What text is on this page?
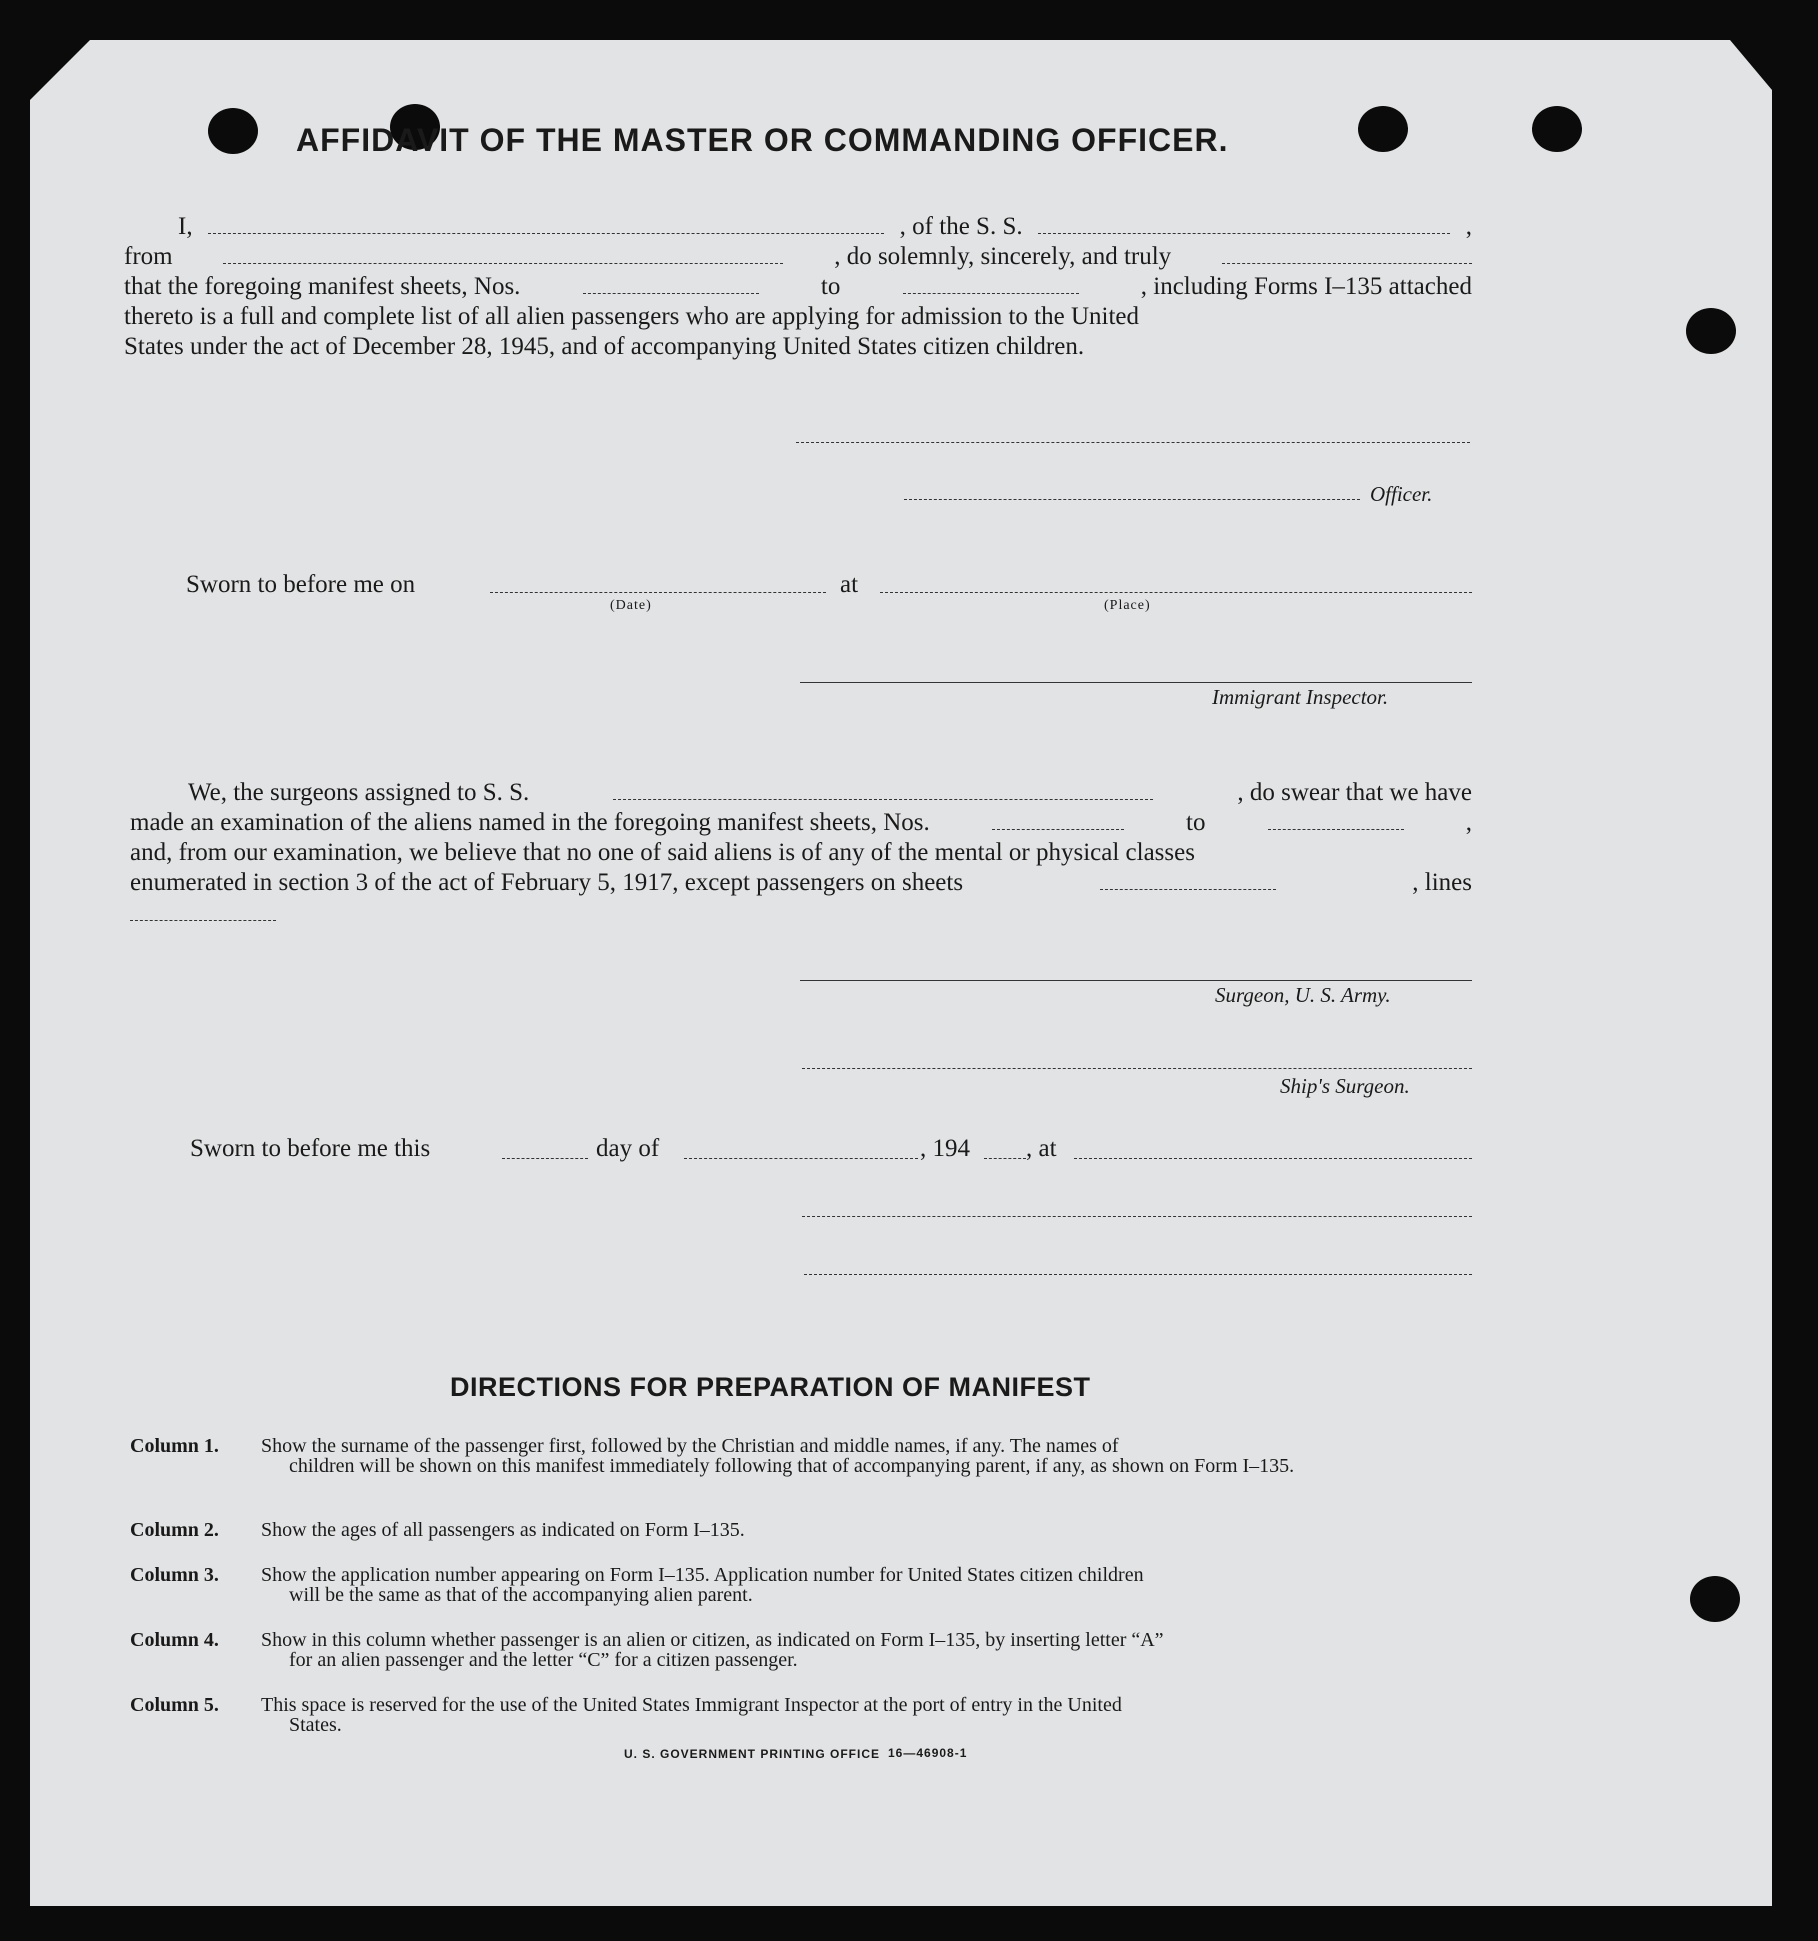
AFFIDAVIT OF THE MASTER OR COMMANDING OFFICER.
I,	, of the S. S.	,
from	, do solemnly, sincerely, and truly
that the foregoing manifest sheets, Nos.	to	, including Forms I–135 attached
thereto is a full and complete list of all alien passengers who are applying for admission to the United
States under the act of December 28, 1945, and of accompanying United States citizen children.
Officer.
Sworn to before me on	at
(Date)	(Place)
Immigrant Inspector.
We, the surgeons assigned to S. S.	, do swear that we have
made an examination of the aliens named in the foregoing manifest sheets, Nos.	to	,
and, from our examination, we believe that no one of said aliens is of any of the mental or physical classes
enumerated in section 3 of the act of February 5, 1917, except passengers on sheets	, lines
Surgeon, U. S. Army.
Ship's Surgeon.
Sworn to before me this	day of	, 194 , at
DIRECTIONS FOR PREPARATION OF MANIFEST
Column 1.	Show the surname of the passenger first, followed by the Christian and middle names, if any. The names of
children will be shown on this manifest immediately following that of accompanying parent, if any, as shown on Form I–135.
Column 2.	Show the ages of all passengers as indicated on Form I–135.
Column 3.	Show the application number appearing on Form I–135. Application number for United States citizen children
will be the same as that of the accompanying alien parent.
Column 4.	Show in this column whether passenger is an alien or citizen, as indicated on Form I–135, by inserting letter “A”
for an alien passenger and the letter “C” for a citizen passenger.
Column 5.	This space is reserved for the use of the United States Immigrant Inspector at the port of entry in the United
States.
U. S. GOVERNMENT PRINTING OFFICE 16—46908-1
